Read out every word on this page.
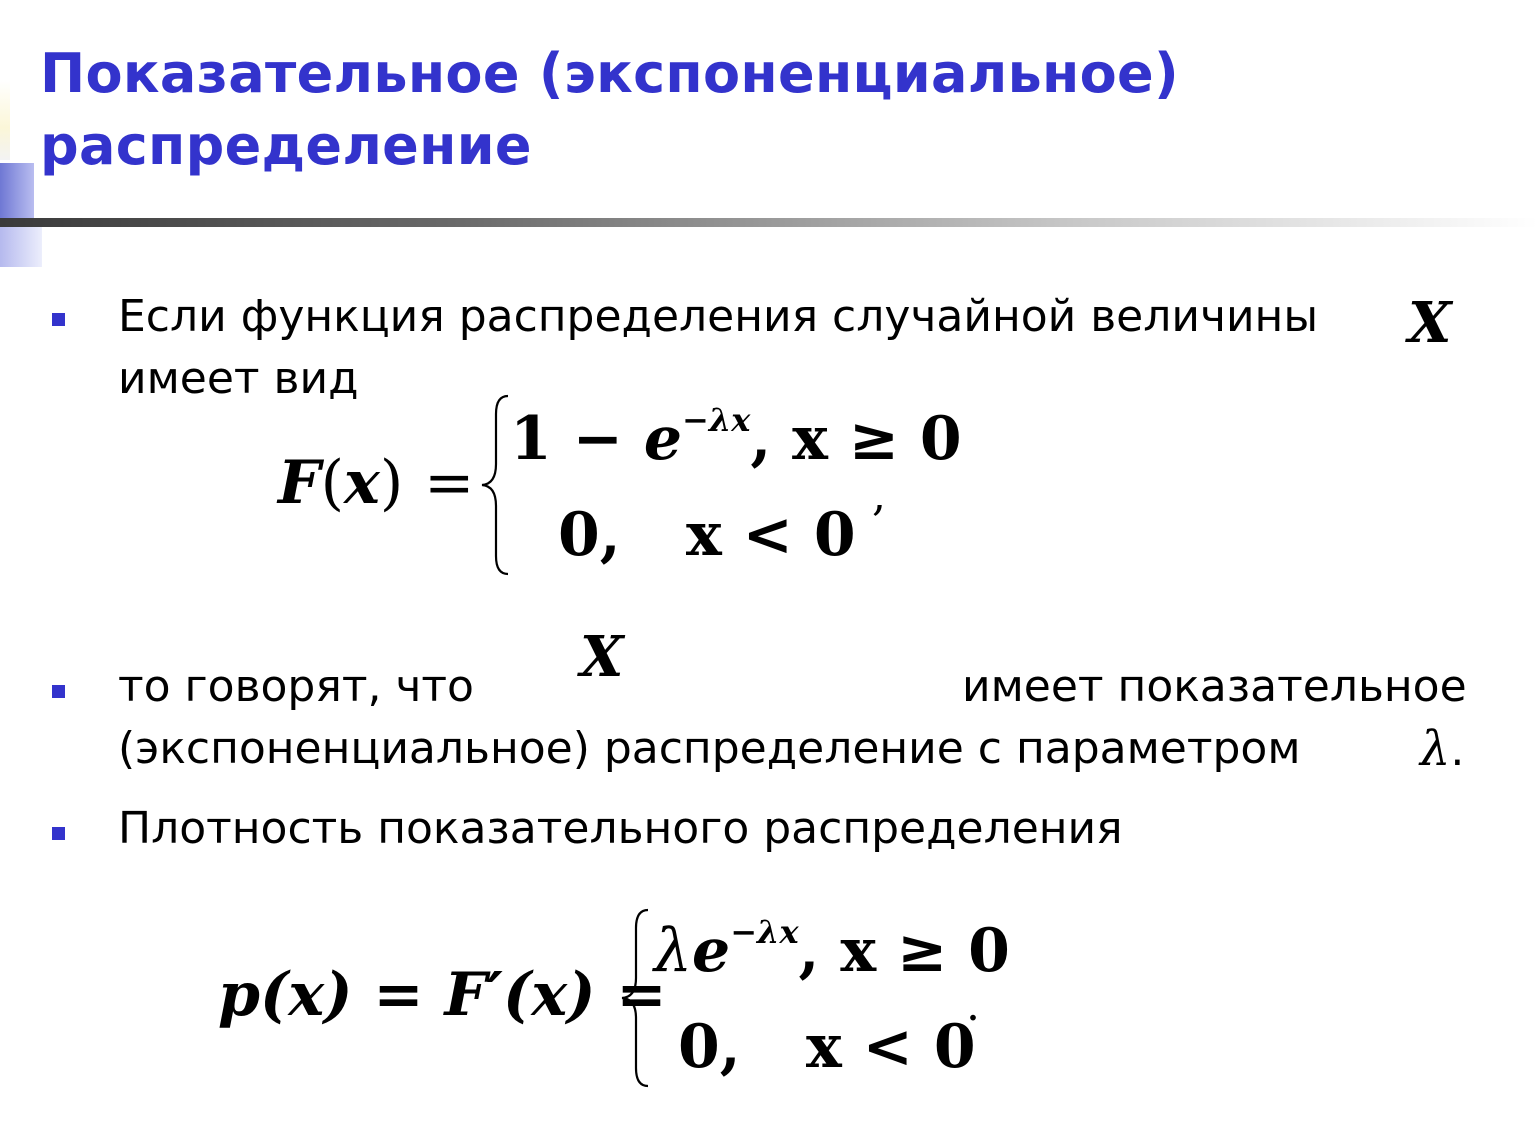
Показательное (экспоненциальное)
распределение
Если функция распределения случайной величины X
имеет вид
F(x) =
$1 - e^{-\lambda x}$, x ≥ 0
0, x < 0
,
то говорят, что X	имеет показательное
(экспоненциальное) распределение с параметром λ.
Плотность показательного распределения
p(x) = F′(x) =
$\lambda e^{-\lambda x}$, x ≥ 0
0, x < 0
.
